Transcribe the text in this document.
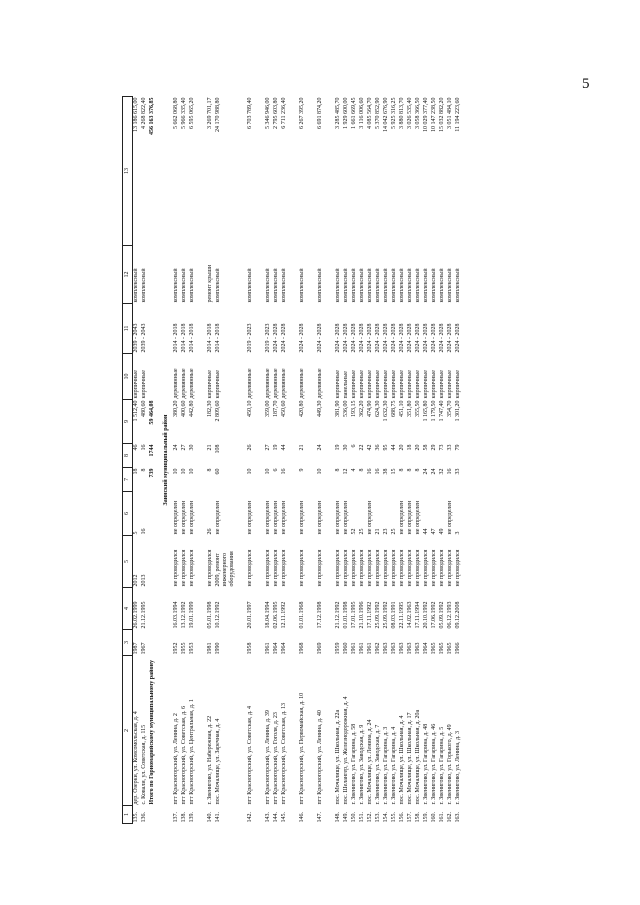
5
1	2	3	4	5	6	7	8	9	10	11	12	13
135.	дер. Озерки, ул. Комсомольская, д. 4	1987	26.02.1999	2012	5	18	46	1 512,40	кирпичные	2039 - 2043	комплексный	13 186 615,00
136.	с. Ковали, ул. Советская, д. 115	1967	21.12.1995	2013	16	8	16	480,60	кирпичные	2039 - 2043	комплексный	4 268 822,40
	Итого по Горномарийскому муниципальному району					739	1744	59 464,08				456 163 376,85
Заинский муниципальный район												
137.	пгт Красногорский, ул. Ленина, д. 2	1952	16.03.1994	не проводился	не определен	10	24	380,20	деревянные	2014 - 2018	комплексный	5 662 068,80
138.	пгт Красногорский, ул. Советская, д. 6	1955	13.12.1992	не проводился	не определен	10	27	400,60	деревянные	2014 - 2018	комплексный	5 966 335,40
139.	пгт Красногорский, ул. Центральная, д. 1	1953	19.01.1999	не проводился	не определен	10	30	442,80	деревянные	2014 - 2018	комплексный	6 595 065,20

140.	г. Звенигово, ул. Набережная, д. 22	1981	05.01.1998	не проводился	26	8	21	182,30	кирпичные	2014 - 2018	ремонт крыши	3 269 701,17
141.	пос. Мочалище, ул. Заречная, д. 4	1990	10.12.1992	2009, ремонт инженерного оборудования	не определен	60	108	2 809,60	кирпичные	2014 - 2018	комплексный	24 170 988,80

142.	пгт Красногорский, ул. Советская, д. 4	1958	20.01.1997	не проводился	не определен	10	26	450,10	деревянные	2019 - 2023	комплексный	6 703 789,40

143.	пгт Красногорский, ул. Ленина, д. 39	1961	18.04.1994	не проводился	не определен	10	27	359,00	деревянные	2019 - 2023	комплексный	5 346 946,00
144.	пгт Красногорский, ул. Гоголя, д. 23	1964	02.06.1995	не проводился	не определен	6	19	187,70	деревянные	2024 - 2028	комплексный	2 795 603,80
145.	пгт Красногорский, ул. Советская, д. 13	1964	12.11.1992	не проводился	не определен	16	44	450,60	деревянные	2024 - 2028	комплексный	6 711 236,40

146.	пгт Красногорский, ул. Первомайская, д. 10	1968	01.01.1968	не проводился	не определен	9	21	420,80	деревянные	2024 - 2028	комплексный	6 267 395,20

147.	пгт Красногорский, ул. Ленина, д. 40	1969	17.12.1998	не проводился	не определен	10	24	449,30	деревянные	2024 - 2028	комплексный	6 691 874,20

148.	пос. Мочалище, ул. Школьная, д. 22а	1959	21.12.1992	не проводился	не определен	8	19	381,90	кирпичные	2024 - 2028	комплексный	3 285 485,70
149.	пос. Шелангер, ул. Железнодорожная, д. 4	1960	01.01.1998	не проводился	не определен	12	30	536,00	панельные	2024 - 2028	комплексный	1 929 600,00
150.	г. Звенигово, ул. Гагарина, д. 58	1961	17.01.1995	не проводился	52	4	6	193,15	кирпичные	2024 - 2028	комплексный	1 661 669,45
151.	г. Звенигово, ул. Заводская, д. 9	1961	21.10.1996	не проводился	25	8	22	362,20	кирпичные	2024 - 2028	комплексный	3 116 006,60
152.	пос. Мочалище, ул. Ленина, д. 24	1961	17.11.1992	не проводился	не определен	16	42	474,90	кирпичные	2024 - 2028	комплексный	4 085 564,70
153.	г. Звенигово, ул. Заводская, д. 7	1962	25.09.1992	не проводился	21	16	36	624,30	кирпичные	2024 - 2028	комплексный	5 370 852,90
154.	г. Звенигово, ул. Гагарина, д. 3	1963	25.09.1992	не проводился	23	38	95	1 632,30	кирпичные	2024 - 2028	комплексный	14 042 676,90
155.	г. Звенигово, ул. Гагарина, д. 4	1963	08.03.1991	не проводился	25	15	44	688,75	кирпичные	2024 - 2028	комплексный	5 925 316,25
156.	пос. Мочалище, ул. Школьная, д. 4	1963	22.11.1995	не проводился	не определен	8	20	451,10	кирпичные	2024 - 2028	комплексный	3 880 813,70
157.	пос. Мочалище, ул. Школьная, д. 17	1963	14.02.1963	не проводился	не определен	8	18	351,80	кирпичные	2024 - 2028	комплексный	3 026 535,40
158.	пос. Мочалище, ул. Школьная, д. 20а	1963	17.11.1994	не проводился	не определен	8	20	355,50	кирпичные	2024 - 2028	комплексный	3 058 366,50
159.	г. Звенигово, ул. Гагарина, д. 48	1964	20.10.1992	не проводился	44	24	58	1 165,80	кирпичные	2024 - 2028	комплексный	10 029 377,40
160.	г. Звенигово, ул. Гагарина, д. 46	1965	17.06.1992	не проводился	47	24	29	1 179,50	кирпичные	2024 - 2028	комплексный	10 147 238,50
161.	г. Звенигово, ул. Гагарина, д. 5	1965	05.09.1992	не проводился	49	32	73	1 747,40	кирпичные	2024 - 2028	комплексный	15 032 882,20
162.	г. Звенигово, ул. Горького, д. 49	1965	06.12.1993	не проводился	не определен	16	33	354,70	кирпичные	2024 - 2028	комплексный	3 051 484,10
163.	г. Звенигово, ул. Ленина, д. 3	1966	09.12.2008	не проводился	3	33	79	1 301,20	кирпичные	2024 - 2028	комплексный	11 194 223,60
